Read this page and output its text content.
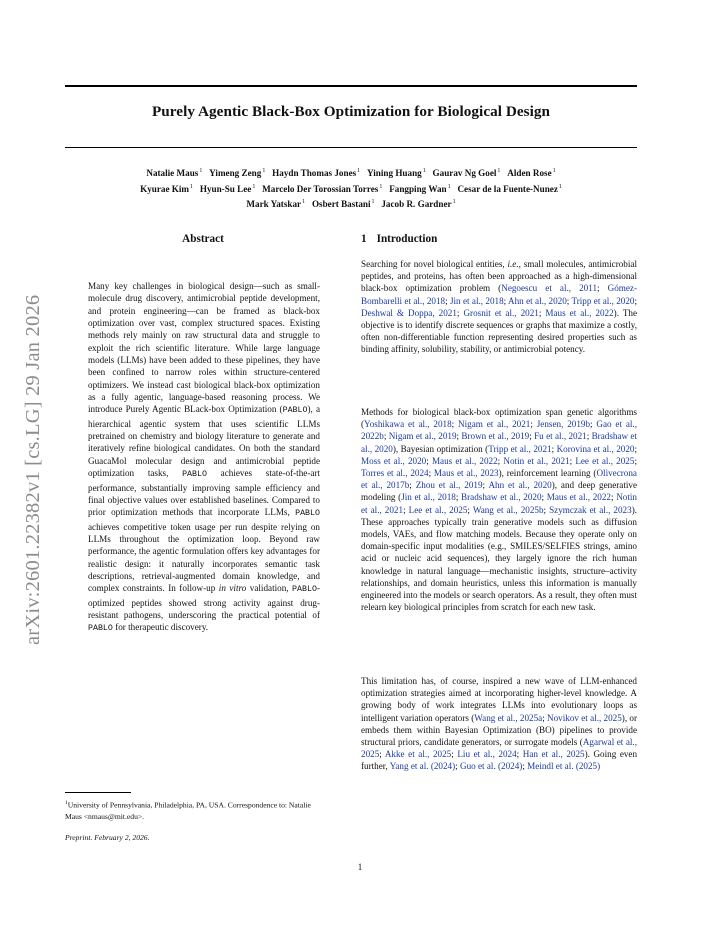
Purely Agentic Black-Box Optimization for Biological Design
Natalie Maus$^1$  Yimeng Zeng$^1$  Haydn Thomas Jones$^1$  Yining Huang$^1$  Gaurav Ng Goel$^1$  Alden Rose$^1$
Kyurae Kim$^1$  Hyun-Su Lee$^1$  Marcelo Der Torossian Torres$^1$  Fangping Wan$^1$  Cesar de la Fuente-Nunez$^1$
Mark Yatskar$^1$  Osbert Bastani$^1$  Jacob R. Gardner$^1$
arXiv:2601.22382v1 [cs.LG] 29 Jan 2026
Abstract
Many key challenges in biological design—such as small-molecule drug discovery, antimicrobial peptide development, and protein engineering—can be framed as black-box optimization over vast, complex structured spaces. Existing methods rely mainly on raw structural data and struggle to exploit the rich scientific literature. While large language models (LLMs) have been added to these pipelines, they have been confined to narrow roles within structure-centered optimizers. We instead cast biological black-box optimization as a fully agentic, language-based reasoning process. We introduce Purely Agentic BLack-box Optimization (PABLO), a hierarchical agentic system that uses scientific LLMs pretrained on chemistry and biology literature to generate and iteratively refine biological candidates. On both the standard GuacaMol molecular design and antimicrobial peptide optimization tasks, PABLO achieves state-of-the-art performance, substantially improving sample efficiency and final objective values over established baselines. Compared to prior optimization methods that incorporate LLMs, PABLO achieves competitive token usage per run despite relying on LLMs throughout the optimization loop. Beyond raw performance, the agentic formulation offers key advantages for realistic design: it naturally incorporates semantic task descriptions, retrieval-augmented domain knowledge, and complex constraints. In follow-up in vitro validation, PABLO-optimized peptides showed strong activity against drug-resistant pathogens, underscoring the practical potential of PABLO for therapeutic discovery.
1 Introduction
Searching for novel biological entities, i.e., small molecules, antimicrobial peptides, and proteins, has often been approached as a high-dimensional black-box optimization problem (Negoescu et al., 2011; Gómez-Bombarelli et al., 2018; Jin et al., 2018; Ahn et al., 2020; Tripp et al., 2020; Deshwal & Doppa, 2021; Grosnit et al., 2021; Maus et al., 2022). The objective is to identify discrete sequences or graphs that maximize a costly, often non-differentiable function representing desired properties such as binding affinity, solubility, stability, or antimicrobial potency.
Methods for biological black-box optimization span genetic algorithms (Yoshikawa et al., 2018; Nigam et al., 2021; Jensen, 2019b; Gao et al., 2022b; Nigam et al., 2019; Brown et al., 2019; Fu et al., 2021; Bradshaw et al., 2020), Bayesian optimization (Tripp et al., 2021; Korovina et al., 2020; Moss et al., 2020; Maus et al., 2022; Notin et al., 2021; Lee et al., 2025; Torres et al., 2024; Maus et al., 2023), reinforcement learning (Olivecrona et al., 2017b; Zhou et al., 2019; Ahn et al., 2020), and deep generative modeling (Jin et al., 2018; Bradshaw et al., 2020; Maus et al., 2022; Notin et al., 2021; Lee et al., 2025; Wang et al., 2025b; Szymczak et al., 2023). These approaches typically train generative models such as diffusion models, VAEs, and flow matching models. Because they operate only on domain-specific input modalities (e.g., SMILES/SELFIES strings, amino acid or nucleic acid sequences), they largely ignore the rich human knowledge in natural language—mechanistic insights, structure–activity relationships, and domain heuristics, unless this information is manually engineered into the models or search operators. As a result, they often must relearn key biological principles from scratch for each new task.
This limitation has, of course, inspired a new wave of LLM-enhanced optimization strategies aimed at incorporating higher-level knowledge. A growing body of work integrates LLMs into evolutionary loops as intelligent variation operators (Wang et al., 2025a; Novikov et al., 2025), or embeds them within Bayesian Optimization (BO) pipelines to provide structural priors, candidate generators, or surrogate models (Agarwal et al., 2025; Akke et al., 2025; Liu et al., 2024; Han et al., 2025). Going even further, Yang et al. (2024); Guo et al. (2024); Meindl et al. (2025)
$^1$University of Pennsylvania, Philadelphia, PA, USA. Correspondence to: Natalie Maus <nmaus@mit.edu>.
Preprint. February 2, 2026.
1
